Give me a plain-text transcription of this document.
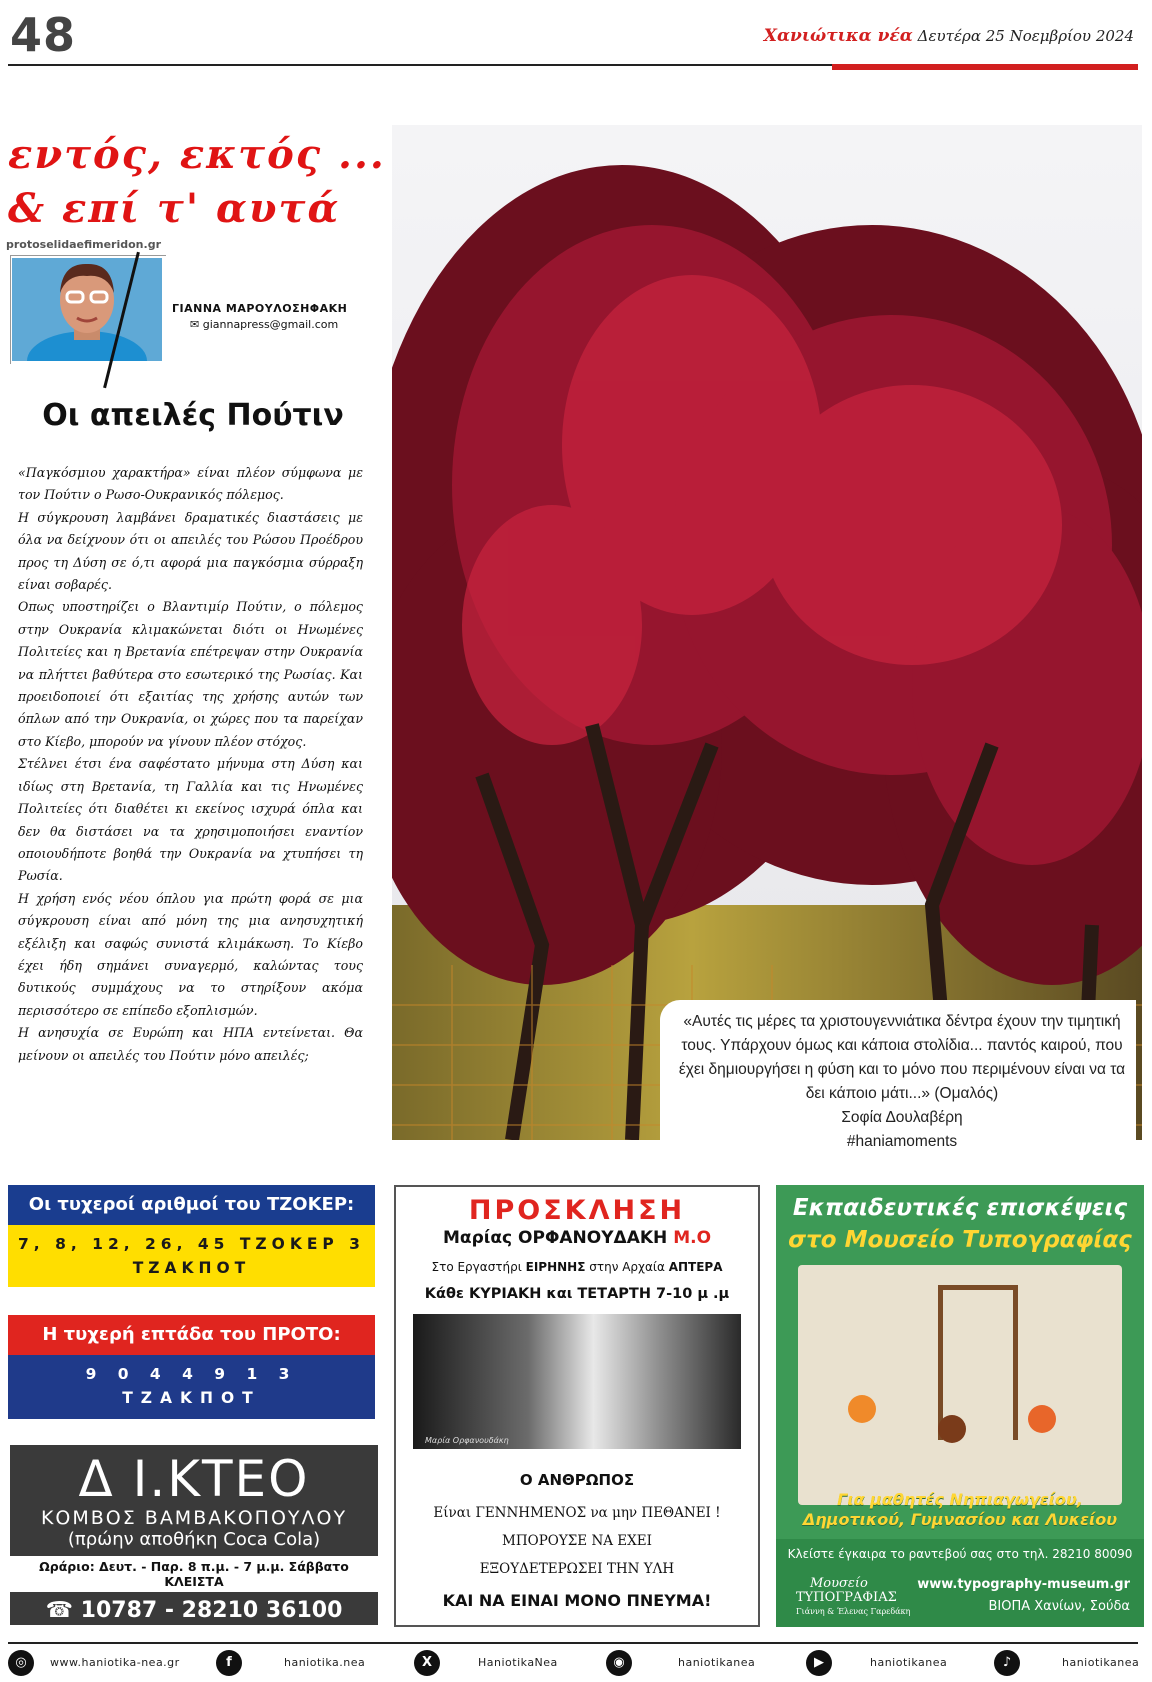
48	Χανιώτικα νέα Δευτέρα 25 Νοεμβρίου 2024
εντός, εκτός ...
& επί τ' αυτά
protoselidaefimeridon.gr
ΓΙΑΝΝΑ ΜΑΡΟΥΛΟΣΗΦΑΚΗ
✉ giannapress@gmail.com
Οι απειλές Πούτιν

«Παγκόσμιου χαρακτήρα» είναι πλέον σύμφωνα με τον Πούτιν ο Ρωσο-Ουκρανικός πόλεμος.

Η σύγκρουση λαμβάνει δραματικές διαστάσεις με όλα να δείχνουν ότι οι απειλές του Ρώσου Προέδρου προς τη Δύση σε ό,τι αφορά μια παγκόσμια σύρραξη είναι σοβαρές.

Οπως υποστηρίζει ο Βλαντιμίρ Πούτιν, ο πόλεμος στην Ουκρανία κλιμακώνεται διότι οι Ηνωμένες Πολιτείες και η Βρετανία επέτρεψαν στην Ουκρανία να πλήττει βαθύτερα στο εσωτερικό της Ρωσίας. Και προειδοποιεί ότι εξαιτίας της χρήσης αυτών των όπλων από την Ουκρανία, οι χώρες που τα παρείχαν στο Κίεβο, μπορούν να γίνουν πλέον στόχος.

Στέλνει έτσι ένα σαφέστατο μήνυμα στη Δύση και ιδίως στη Βρετανία, τη Γαλλία και τις Ηνωμένες Πολιτείες ότι διαθέτει κι εκείνος ισχυρά όπλα και δεν θα διστάσει να τα χρησιμοποιήσει εναντίον οποιουδήποτε βοηθά την Ουκρανία να χτυπήσει τη Ρωσία.

Η χρήση ενός νέου όπλου για πρώτη φορά σε μια σύγκρουση είναι από μόνη της μια ανησυχητική εξέλιξη και σαφώς συνιστά κλιμάκωση. Το Κίεβο έχει ήδη σημάνει συναγερμό, καλώντας τους δυτικούς συμμάχους να το στηρίξουν ακόμα περισσότερο σε επίπεδο εξοπλισμών.

Η ανησυχία σε Ευρώπη και ΗΠΑ εντείνεται. Θα μείνουν οι απειλές του Πούτιν μόνο απειλές;

«Αυτές τις μέρες τα χριστουγεννιάτικα δέντρα έχουν την τιμητική τους. Υπάρχουν όμως και κάποια στολίδια... παντός καιρού, που έχει δημιουργήσει η φύση και το μόνο που περιμένουν είναι να τα δει κάποιο μάτι...» (Ομαλός)
Σοφία Δουλαβέρη
#haniamoments
Οι τυχεροί αριθμοί του ΤΖΟΚΕΡ:
7, 8, 12, 26, 45 ΤΖΟΚΕΡ 3
ΤΖΑΚΠΟΤ
Η τυχερή επτάδα του ΠΡΟΤΟ:
9 0 4 4 9 1 3
ΤΖΑΚΠΟΤ
Δ Ι.ΚΤΕΟ
ΚΟΜΒΟΣ ΒΑΜΒΑΚΟΠΟΥΛΟΥ
(πρώην αποθήκη Coca Cola)
Ωράριο: Δευτ. - Παρ. 8 π.μ. - 7 μ.μ. Σάββατο ΚΛΕΙΣΤΑ
☎ 10787 - 28210 36100
ΠΡΟΣΚΛΗΣΗ
Μαρίας ΟΡΦΑΝΟΥΔΑΚΗ Μ.Ο
Στο Εργαστήρι ΕΙΡΗΝΗΣ στην Αρχαία ΑΠΤΕΡΑ
Κάθε ΚΥΡΙΑΚΗ και ΤΕΤΑΡΤΗ 7-10 μ .μ
Μαρία Ορφανουδάκη
Ο ΑΝΘΡΩΠΟΣ
Είναι ΓΕΝΝΗΜΕΝΟΣ να μην ΠΕΘΑΝΕΙ !
ΜΠΟΡΟΥΣΕ ΝΑ ΕΧΕΙ
ΕΞΟΥΔΕΤΕΡΩΣΕΙ ΤΗΝ ΥΛΗ
ΚΑΙ ΝΑ ΕΙΝΑΙ ΜΟΝΟ ΠΝΕΥΜΑ!
Εκπαιδευτικές επισκέψεις
στο Μουσείο Τυπογραφίας
Για μαθητές Νηπιαγωγείου,
Δημοτικού, Γυμνασίου και Λυκείου
Κλείστε έγκαιρα το ραντεβού σας στο τηλ. 28210 80090
Μουσείο
ΤΥΠΟΓΡΑΦΙΑΣ
Γιάννη & Έλενας Γαρεδάκη
www.typography-museum.gr
ΒΙΟΠΑ Χανίων, Σούδα
◎	www.haniotika-nea.gr	f	haniotika.nea	X	HaniotikaNea	◉	haniotikanea	▶	haniotikanea	♪	haniotikanea
